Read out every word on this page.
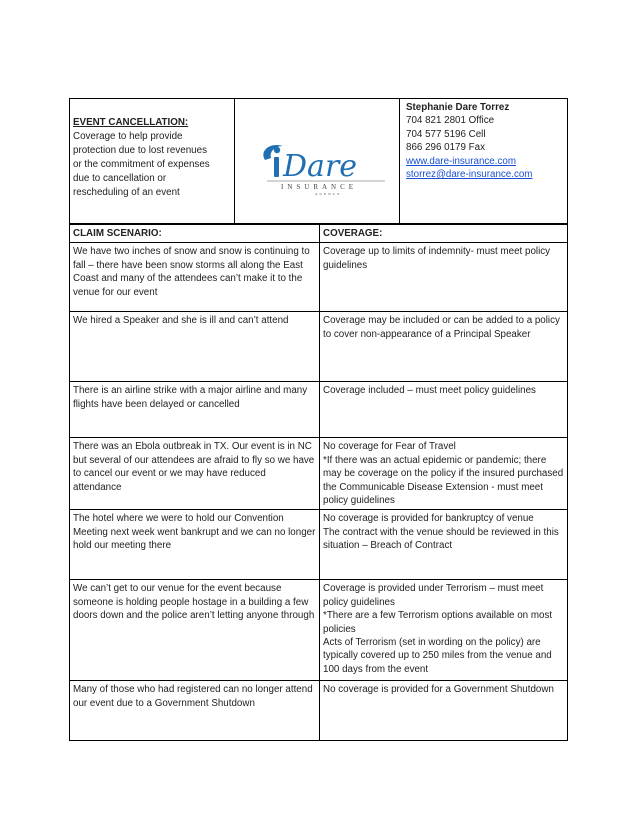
EVENT CANCELLATION:
Coverage to help provide
protection due to lost revenues
or the commitment of expenses
due to cancellation or
rescheduling of an event
Dare
INSURANCE
AGENCY
Stephanie Dare Torrez
704 821 2801 Office
704 577 5196 Cell
866 296 0179 Fax
www.dare-insurance.com
storrez@dare-insurance.com
CLAIM SCENARIO:	COVERAGE:

We have two inches of snow and snow is continuing to fall – there have been snow storms all along the East Coast and many of the attendees can’t make it to the venue for our event	Coverage up to limits of indemnity- must meet policy guidelines

We hired a Speaker and she is ill and can’t attend	Coverage may be included or can be added to a policy to cover non-appearance of a Principal Speaker

There is an airline strike with a major airline and many flights have been delayed or cancelled	Coverage included – must meet policy guidelines

There was an Ebola outbreak in TX. Our event is in NC but several of our attendees are afraid to fly so we have to cancel our event or we may have reduced attendance	No coverage for Fear of Travel
*If there was an actual epidemic or pandemic; there may be coverage on the policy if the insured purchased the Communicable Disease Extension - must meet policy guidelines

The hotel where we were to hold our Convention Meeting next week went bankrupt and we can no longer hold our meeting there	No coverage is provided for bankruptcy of venue
The contract with the venue should be reviewed in this situation – Breach of Contract

We can’t get to our venue for the event because someone is holding people hostage in a building a few doors down and the police aren’t letting anyone through	Coverage is provided under Terrorism – must meet policy guidelines
*There are a few Terrorism options available on most policies
Acts of Terrorism (set in wording on the policy) are typically covered up to 250 miles from the venue and 100 days from the event

Many of those who had registered can no longer attend our event due to a Government Shutdown	No coverage is provided for a Government Shutdown
